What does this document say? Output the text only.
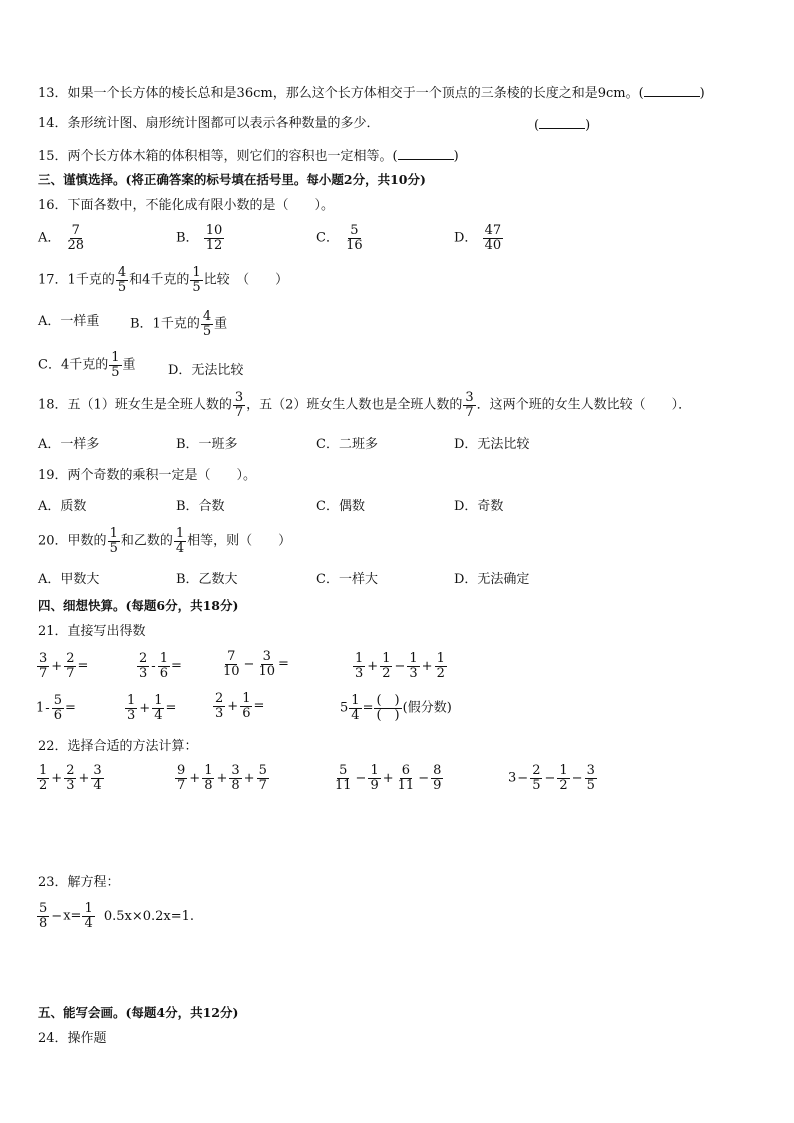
13．如果一个长方体的棱长总和是36cm，那么这个长方体相交于一个顶点的三条棱的长度之和是9cm。(	)
14．条形统计图、扇形统计图都可以表示各种数量的多少．	(	)
15．两个长方体木箱的体积相等，则它们的容积也一定相等。(	)
三、谨慎选择。(将正确答案的标号填在括号里。每小题2分，共10分)
16．下面各数中，不能化成有限小数的是（　　）。
A． $\frac{7}{28}$	B． $\frac{10}{12}$	C． $\frac{5}{16}$	D． $\frac{47}{40}$
17．1千克的 $\frac{4}{5}$ 和4千克的 $\frac{1}{5}$ 比较　（　　）
A．一样重 B．1千克的 $\frac{4}{5}$ 重
C．4千克的 $\frac{1}{5}$ 重 D．无法比较
18．五（1）班女生是全班人数的 $\frac{3}{7}$ ，五（2）班女生人数也是全班人数的 $\frac{3}{7}$ ．这两个班的女生人数比较（　　）．
A．一样多	B．一班多	C．二班多	D．无法比较
19．两个奇数的乘积一定是（　　）。
A．质数	B．合数	C．偶数	D．奇数
20．甲数的 $\frac{1}{5}$ 和乙数的 $\frac{1}{4}$ 相等，则（　　）
A．甲数大	B．乙数大	C．一样大	D．无法确定
四、细想快算。(每题6分，共18分)
21．直接写出得数
$\frac{3}{7} + \frac{2}{7}$ =	$\frac{2}{3} - \frac{1}{6}$ =	$\frac{7}{10} - \frac{3}{10}$ =	$\frac{1}{3} + \frac{1}{2} - \frac{1}{3} + \frac{1}{2}$
$1- \frac{5}{6}$ =	$\frac{1}{3} + \frac{1}{4}$ =	$\frac{2}{3} + \frac{1}{6}$ =	$5 \frac{1}{4} = \frac{( )}{( )}$ (假分数)
22．选择合适的方法计算：
$\frac{1}{2} + \frac{2}{3} + \frac{3}{4}$	$\frac{9}{7} + \frac{1}{8} + \frac{3}{8} + \frac{5}{7}$	$\frac{5}{11} - \frac{1}{9} + \frac{6}{11} - \frac{8}{9}$	$3- \frac{2}{5} - \frac{1}{2} - \frac{3}{5}$
23．解方程：
$\frac{5}{8} -x= \frac{1}{4} 0.5x\times 0.2x=1$.
五、能写会画。(每题4分，共12分)
24．操作题
